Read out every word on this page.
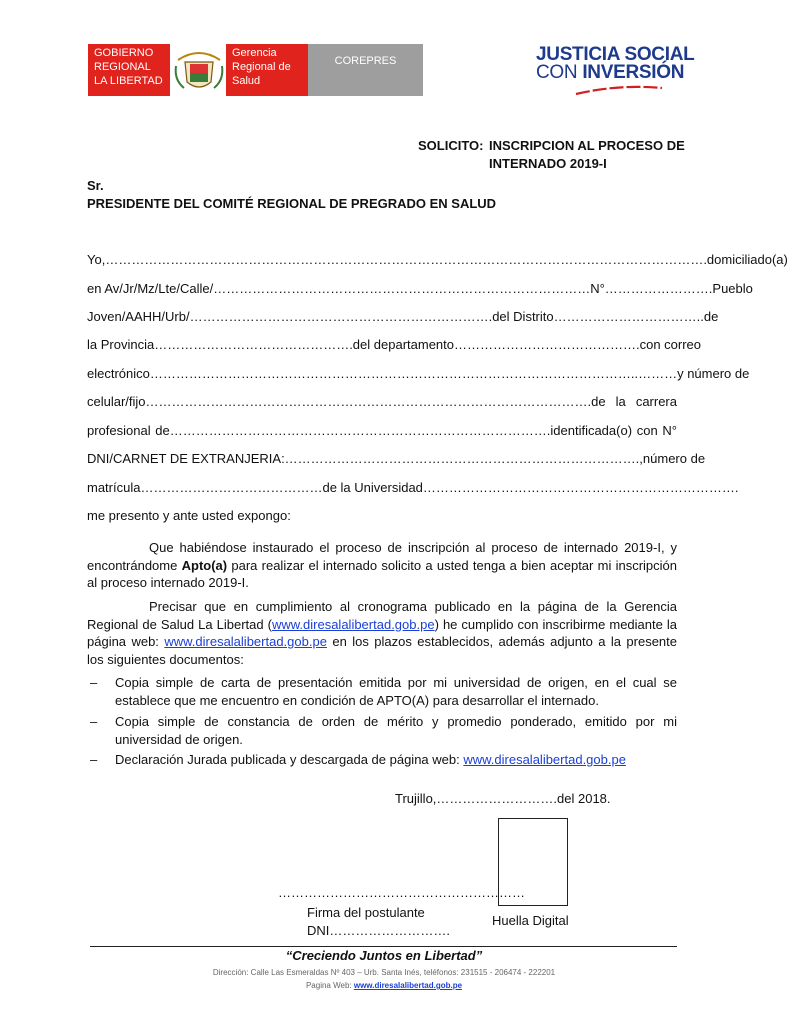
GOBIERNO
REGIONAL
LA LIBERTAD
Gerencia
Regional de
Salud
COREPRES	JUSTICIA SOCIAL
CON INVERSIÓN
SOLICITO: INSCRIPCION AL PROCESO DE
INTERNADO 2019-I
Sr.
PRESIDENTE DEL COMITÉ REGIONAL DE PREGRADO EN SALUD
Yo,………………………………………………………………………………………………………………………….domiciliado(a)
en Av/Jr/Mz/Lte/Calle/……………………………………………………………………………N°…………………….Pueblo
Joven/AAHH/Urb/…………………………………………………………….del Distrito……………………………..de
la Provincia……………………………………….del departamento…………………………………….con correo
electrónico…………………………………………………………………………………………………..………y número de
celular/fijo………………………………………………………………………………………….de la carrera
profesional de…………………………………………………………………………….identificada(o) con N°
DNI/CARNET DE EXTRANJERIA:……………………………………………………………………….,número de
matrícula……………………………………de la Universidad……………………………………………………………….
me presento y ante usted expongo:
Que habiéndose instaurado el proceso de inscripción al proceso de internado 2019-I, y encontrándome Apto(a) para realizar el internado solicito a usted tenga a bien aceptar mi inscripción al proceso internado 2019-I.
Precisar que en cumplimiento al cronograma publicado en la página de la Gerencia Regional de Salud La Libertad (www.diresalalibertad.gob.pe) he cumplido con inscribirme mediante la página web: www.diresalalibertad.gob.pe en los plazos establecidos, además adjunto a la presente los siguientes documentos:
– Copia simple de carta de presentación emitida por mi universidad de origen, en el cual se establece que me encuentro en condición de APTO(A) para desarrollar el internado.
– Copia simple de constancia de orden de mérito y promedio ponderado, emitido por mi universidad de origen.
– Declaración Jurada publicada y descargada de página web: www.diresalalibertad.gob.pe
Trujillo,……………………….del 2018.
…………………………………………………
Firma del postulante
DNI……………………….
Huella Digital
“Creciendo Juntos en Libertad”
Dirección: Calle Las Esmeraldas Nº 403 – Urb. Santa Inés, teléfonos: 231515 - 206474 - 222201
Pagina Web: www.diresalalibertad.gob.pe
